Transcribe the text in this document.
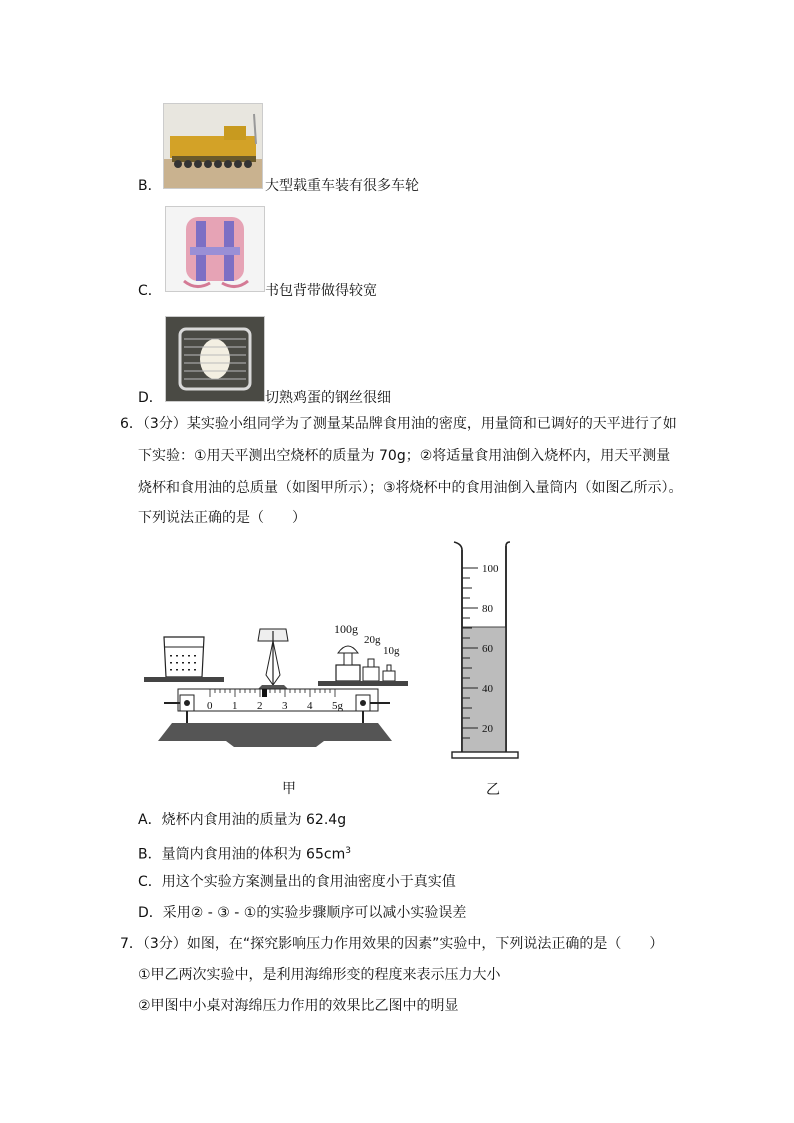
B．	大型载重车装有很多车轮
C．	书包背带做得较宽
D．	切熟鸡蛋的钢丝很细
6．（3分）某实验小组同学为了测量某品牌食用油的密度，用量筒和已调好的天平进行了如
下实验：①用天平测出空烧杯的质量为 70g；②将适量食用油倒入烧杯内，用天平测量
烧杯和食用油的总质量（如图甲所示）；③将烧杯中的食用油倒入量筒内（如图乙所示）。
下列说法正确的是（　　）
100g
20g
10g
0 1 2 3 4 5g
甲
100
80
60
40
20
乙
A．烧杯内食用油的质量为 62.4g
B．量筒内食用油的体积为 $65cm^3$
C．用这个实验方案测量出的食用油密度小于真实值
D．采用② - ③ - ①的实验步骤顺序可以减小实验误差
7．（3分）如图，在“探究影响压力作用效果的因素”实验中，下列说法正确的是（　　）
①甲乙两次实验中，是利用海绵形变的程度来表示压力大小
②甲图中小桌对海绵压力作用的效果比乙图中的明显
